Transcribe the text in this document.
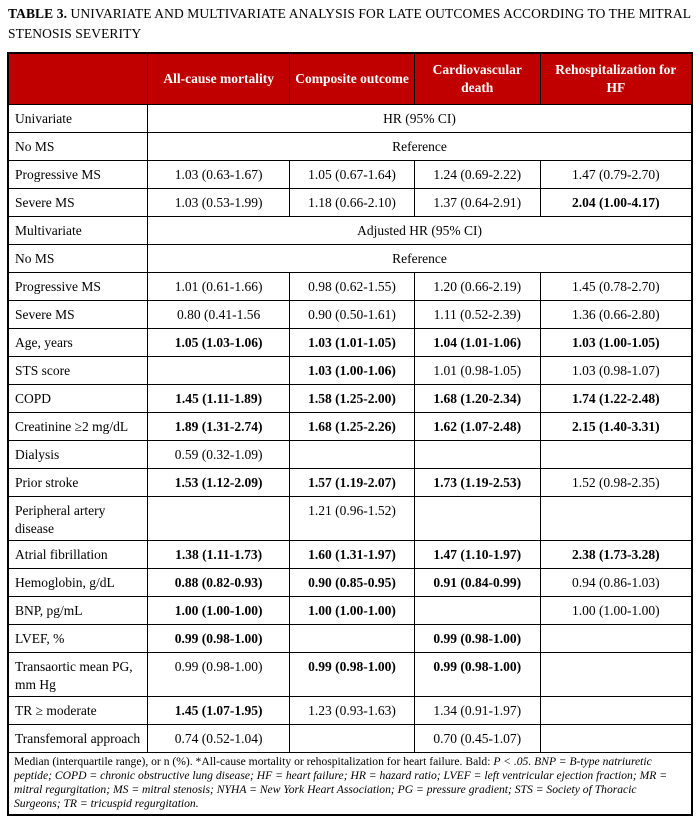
TABLE 3. UNIVARIATE AND MULTIVARIATE ANALYSIS FOR LATE OUTCOMES ACCORDING TO THE MITRAL STENOSIS SEVERITY

	All-cause mortality	Composite outcome	Cardiovascular death	Rehospitalization for HF
Univariate	HR (95% CI)			
No MS	Reference			
Progressive MS	1.03 (0.63-1.67)	1.05 (0.67-1.64)	1.24 (0.69-2.22)	1.47 (0.79-2.70)
Severe MS	1.03 (0.53-1.99)	1.18 (0.66-2.10)	1.37 (0.64-2.91)	2.04 (1.00-4.17)
Multivariate	Adjusted HR (95% CI)			
No MS	Reference			
Progressive MS	1.01 (0.61-1.66)	0.98 (0.62-1.55)	1.20 (0.66-2.19)	1.45 (0.78-2.70)
Severe MS	0.80 (0.41-1.56	0.90 (0.50-1.61)	1.11 (0.52-2.39)	1.36 (0.66-2.80)
Age, years	1.05 (1.03-1.06)	1.03 (1.01-1.05)	1.04 (1.01-1.06)	1.03 (1.00-1.05)
STS score		1.03 (1.00-1.06)	1.01 (0.98-1.05)	1.03 (0.98-1.07)
COPD	1.45 (1.11-1.89)	1.58 (1.25-2.00)	1.68 (1.20-2.34)	1.74 (1.22-2.48)
Creatinine ≥2 mg/dL	1.89 (1.31-2.74)	1.68 (1.25-2.26)	1.62 (1.07-2.48)	2.15 (1.40-3.31)
Dialysis	0.59 (0.32-1.09)			
Prior stroke	1.53 (1.12-2.09)	1.57 (1.19-2.07)	1.73 (1.19-2.53)	1.52 (0.98-2.35)
Peripheral artery disease		1.21 (0.96-1.52)		
Atrial fibrillation	1.38 (1.11-1.73)	1.60 (1.31-1.97)	1.47 (1.10-1.97)	2.38 (1.73-3.28)
Hemoglobin, g/dL	0.88 (0.82-0.93)	0.90 (0.85-0.95)	0.91 (0.84-0.99)	0.94 (0.86-1.03)
BNP, pg/mL	1.00 (1.00-1.00)	1.00 (1.00-1.00)		1.00 (1.00-1.00)
LVEF, %	0.99 (0.98-1.00)		0.99 (0.98-1.00)	
Transaortic mean PG, mm Hg	0.99 (0.98-1.00)	0.99 (0.98-1.00)	0.99 (0.98-1.00)	
TR ≥ moderate	1.45 (1.07-1.95)	1.23 (0.93-1.63)	1.34 (0.91-1.97)	
Transfemoral approach	0.74 (0.52-1.04)		0.70 (0.45-1.07)	
Median (interquartile range), or n (%). *All-cause mortality or rehospitalization for heart failure. Bald: P < .05. BNP = B-type natriuretic peptide; COPD = chronic obstructive lung disease; HF = heart failure; HR = hazard ratio; LVEF = left ventricular ejection fraction; MR = mitral regurgitation; MS = mitral stenosis; NYHA = New York Heart Association; PG = pressure gradient; STS = Society of Thoracic Surgeons; TR = tricuspid regurgitation.				
